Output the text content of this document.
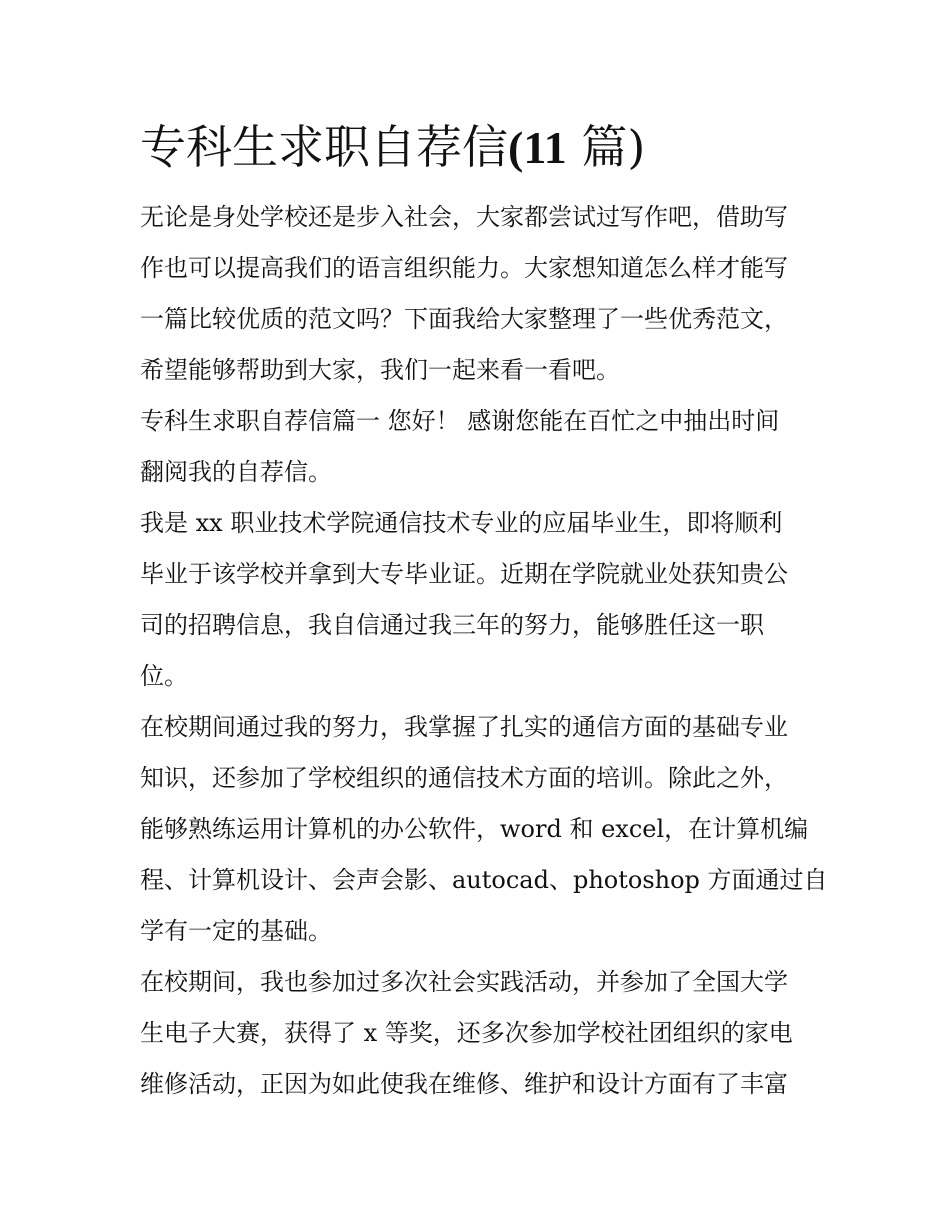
专科生求职自荐信(11 篇)

无论是身处学校还是步入社会，大家都尝试过写作吧，借助写
作也可以提高我们的语言组织能力。大家想知道怎么样才能写
一篇比较优质的范文吗？下面我给大家整理了一些优秀范文，
希望能够帮助到大家，我们一起来看一看吧。

专科生求职自荐信篇一 您好！ 感谢您能在百忙之中抽出时间
翻阅我的自荐信。

我是 xx 职业技术学院通信技术专业的应届毕业生，即将顺利
毕业于该学校并拿到大专毕业证。近期在学院就业处获知贵公
司的招聘信息，我自信通过我三年的努力，能够胜任这一职
位。

在校期间通过我的努力，我掌握了扎实的通信方面的基础专业
知识，还参加了学校组织的通信技术方面的培训。除此之外，
能够熟练运用计算机的办公软件，word 和 excel，在计算机编
程、计算机设计、会声会影、autocad、photoshop 方面通过自
学有一定的基础。

在校期间，我也参加过多次社会实践活动，并参加了全国大学
生电子大赛，获得了 x 等奖，还多次参加学校社团组织的家电
维修活动，正因为如此使我在维修、维护和设计方面有了丰富
